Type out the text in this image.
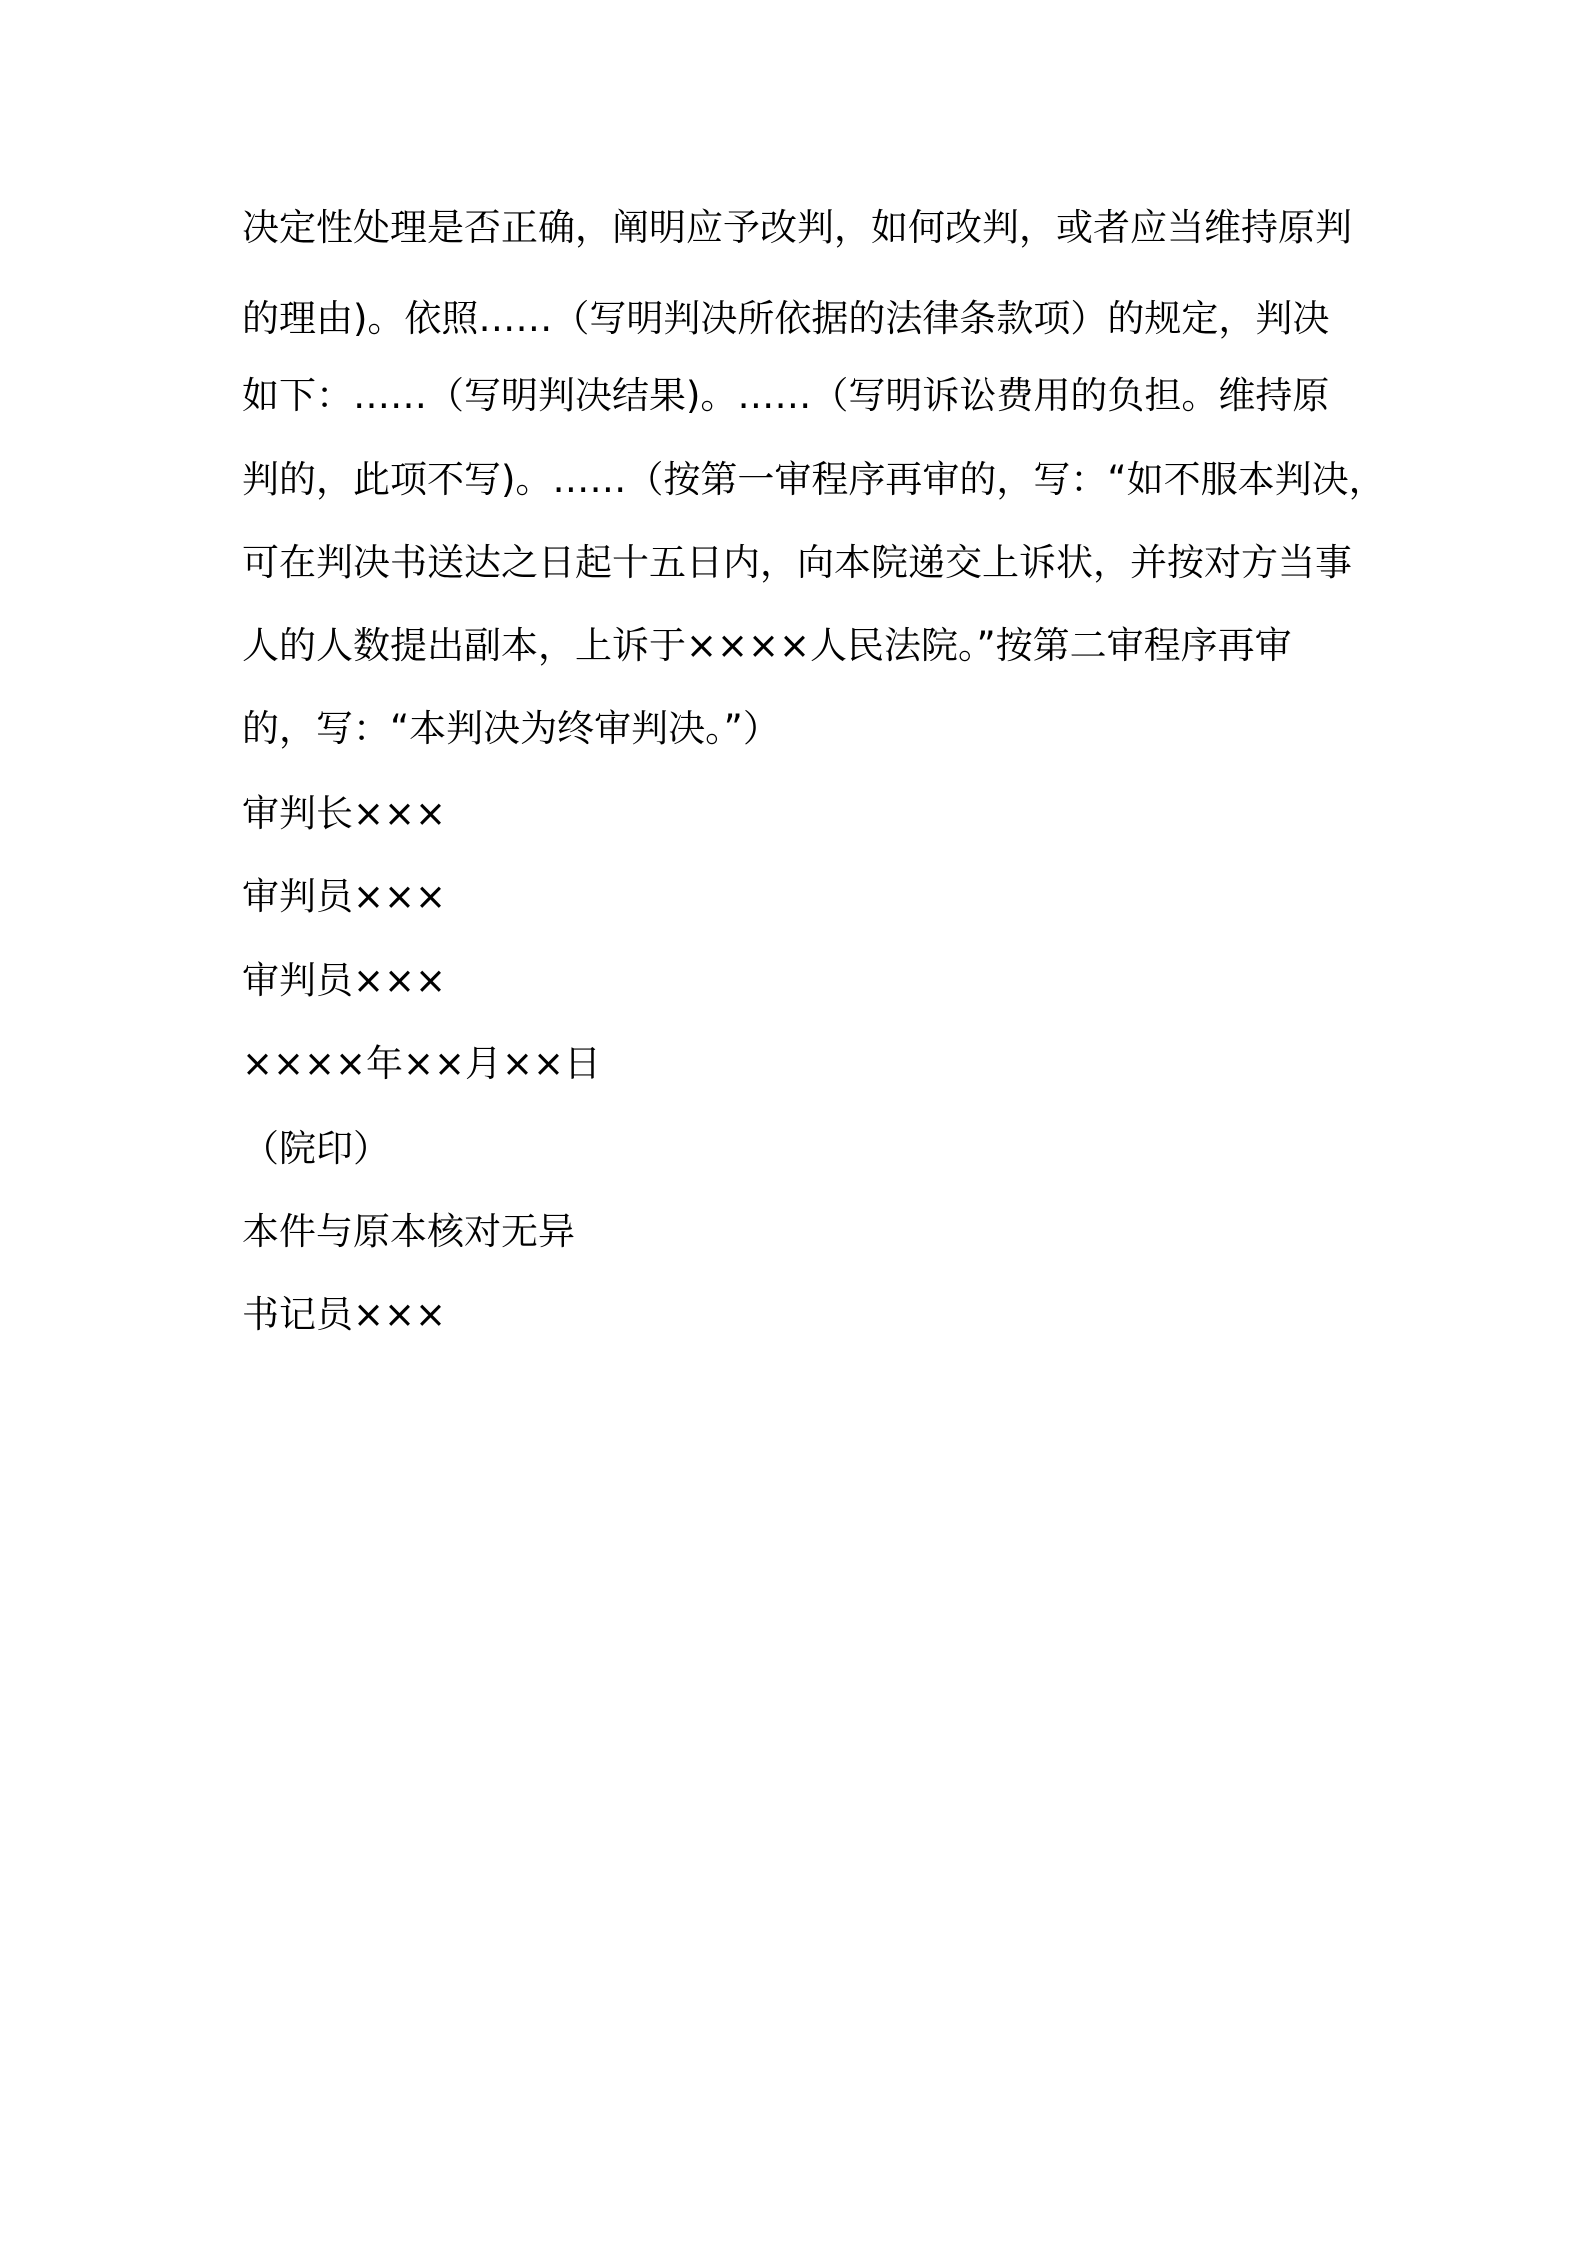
决定性处理是否正确，阐明应予改判，如何改判，或者应当维持原判
的理由)。依照……（写明判决所依据的法律条款项）的规定，判决
如下：……（写明判决结果)。……（写明诉讼费用的负担。维持原
判的，此项不写)。……（按第一审程序再审的，写：“如不服本判决，
可在判决书送达之日起十五日内，向本院递交上诉状，并按对方当事
人的人数提出副本，上诉于××××人民法院。”按第二审程序再审
的，写：“本判决为终审判决。”）
审判长×××
审判员×××
审判员×××
××××年××月××日
（院印）
本件与原本核对无异
书记员×××
